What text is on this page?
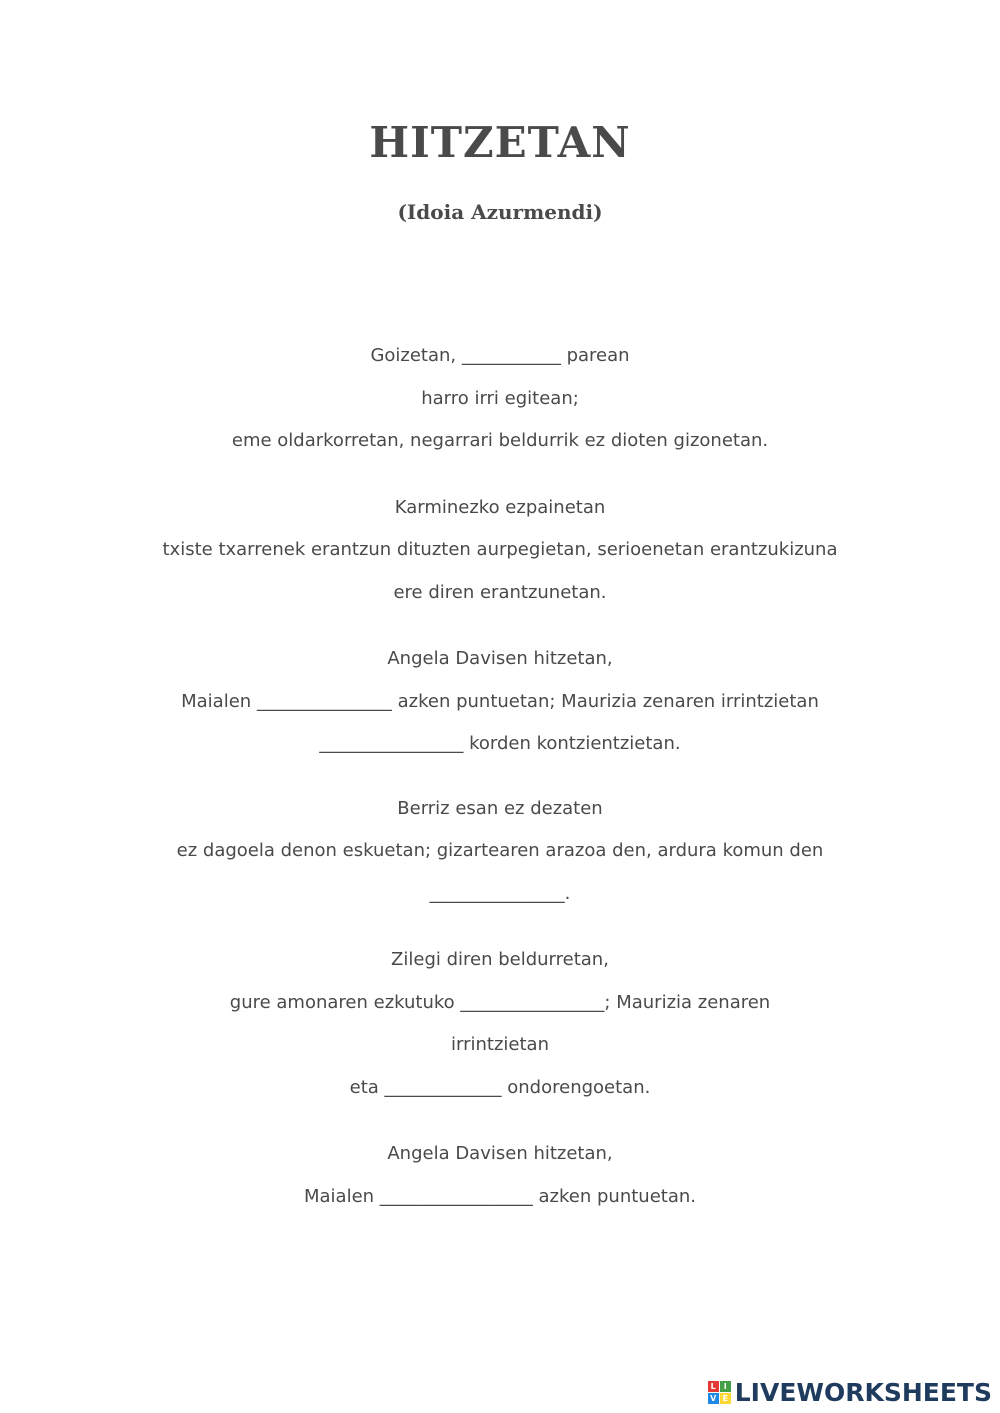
HITZETAN
(Idoia Azurmendi)
Goizetan, ___________ parean
harro irri egitean;
eme oldarkorretan, negarrari beldurrik ez dioten gizonetan.
Karminezko ezpainetan
txiste txarrenek erantzun dituzten aurpegietan, serioenetan erantzukizuna
ere diren erantzunetan.
Angela Davisen hitzetan,
Maialen _______________ azken puntuetan; Maurizia zenaren irrintzietan
________________ korden kontzientzietan.
Berriz esan ez dezaten
ez dagoela denon eskuetan; gizartearen arazoa den, ardura komun den
_______________.
Zilegi diren beldurretan,
gure amonaren ezkutuko ________________; Maurizia zenaren
irrintzietan
eta _____________ ondorengoetan.
Angela Davisen hitzetan,
Maialen _________________ azken puntuetan.
L I
V E LIVEWORKSHEETS
